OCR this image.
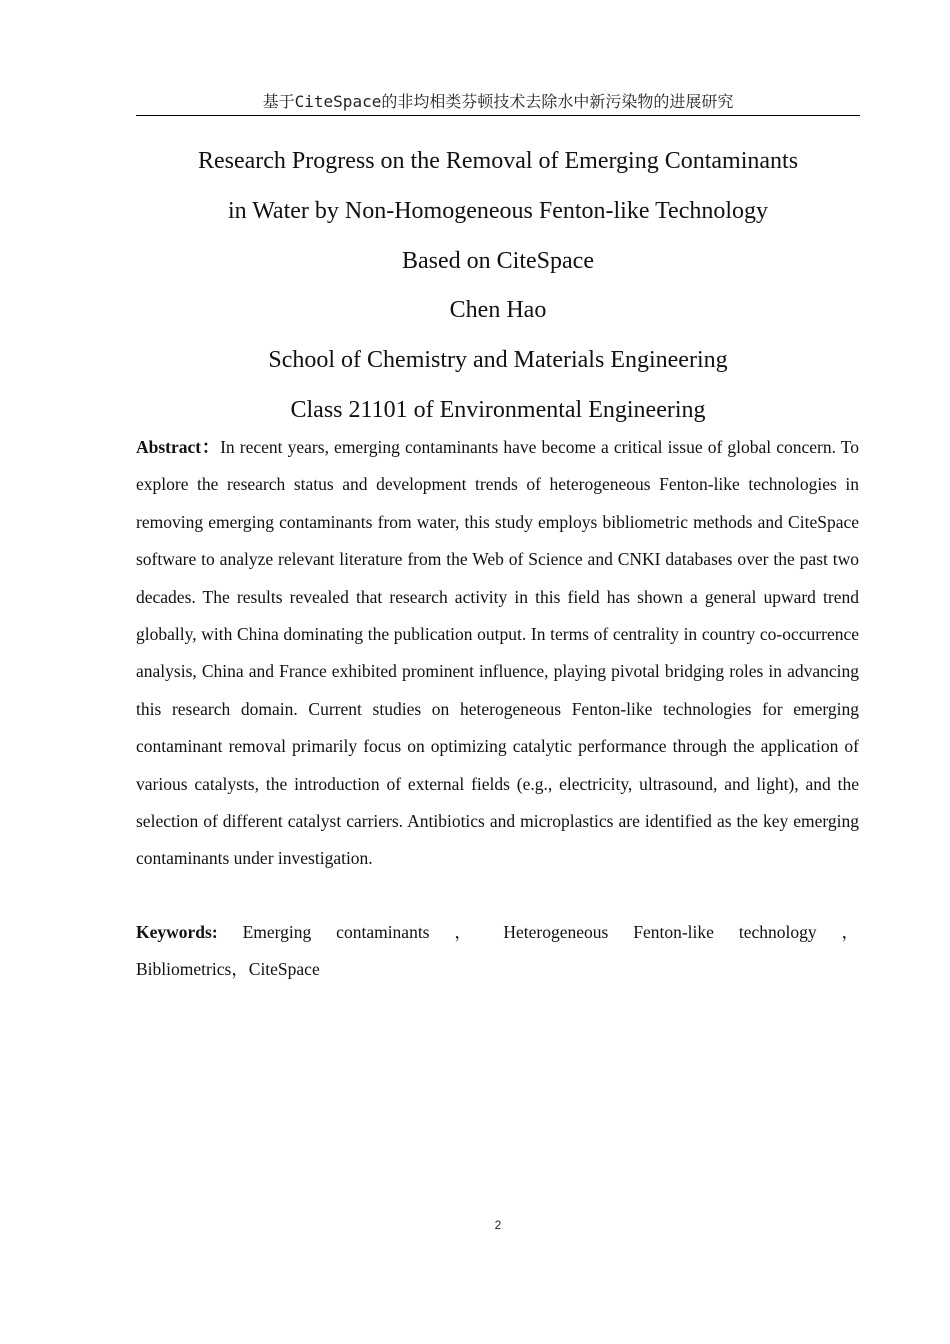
基于CiteSpace的非均相类芬顿技术去除水中新污染物的进展研究
Research Progress on the Removal of Emerging Contaminants
in Water by Non-Homogeneous Fenton-like Technology
Based on CiteSpace
Chen Hao
School of Chemistry and Materials Engineering
Class 21101 of Environmental Engineering
Abstract：In recent years, emerging contaminants have become a critical issue of global concern. To explore the research status and development trends of heterogeneous Fenton-like technologies in removing emerging contaminants from water, this study employs bibliometric methods and CiteSpace software to analyze relevant literature from the Web of Science and CNKI databases over the past two decades. The results revealed that research activity in this field has shown a general upward trend globally, with China dominating the publication output. In terms of centrality in country co-occurrence analysis, China and France exhibited prominent influence, playing pivotal bridging roles in advancing this research domain. Current studies on heterogeneous Fenton-like technologies for emerging contaminant removal primarily focus on optimizing catalytic performance through the application of various catalysts, the introduction of external fields (e.g., electricity, ultrasound, and light), and the selection of different catalyst carriers. Antibiotics and microplastics are identified as the key emerging contaminants under investigation.
Keywords: Emerging contaminants ， Heterogeneous Fenton-like technology ， Bibliometrics，CiteSpace
2
